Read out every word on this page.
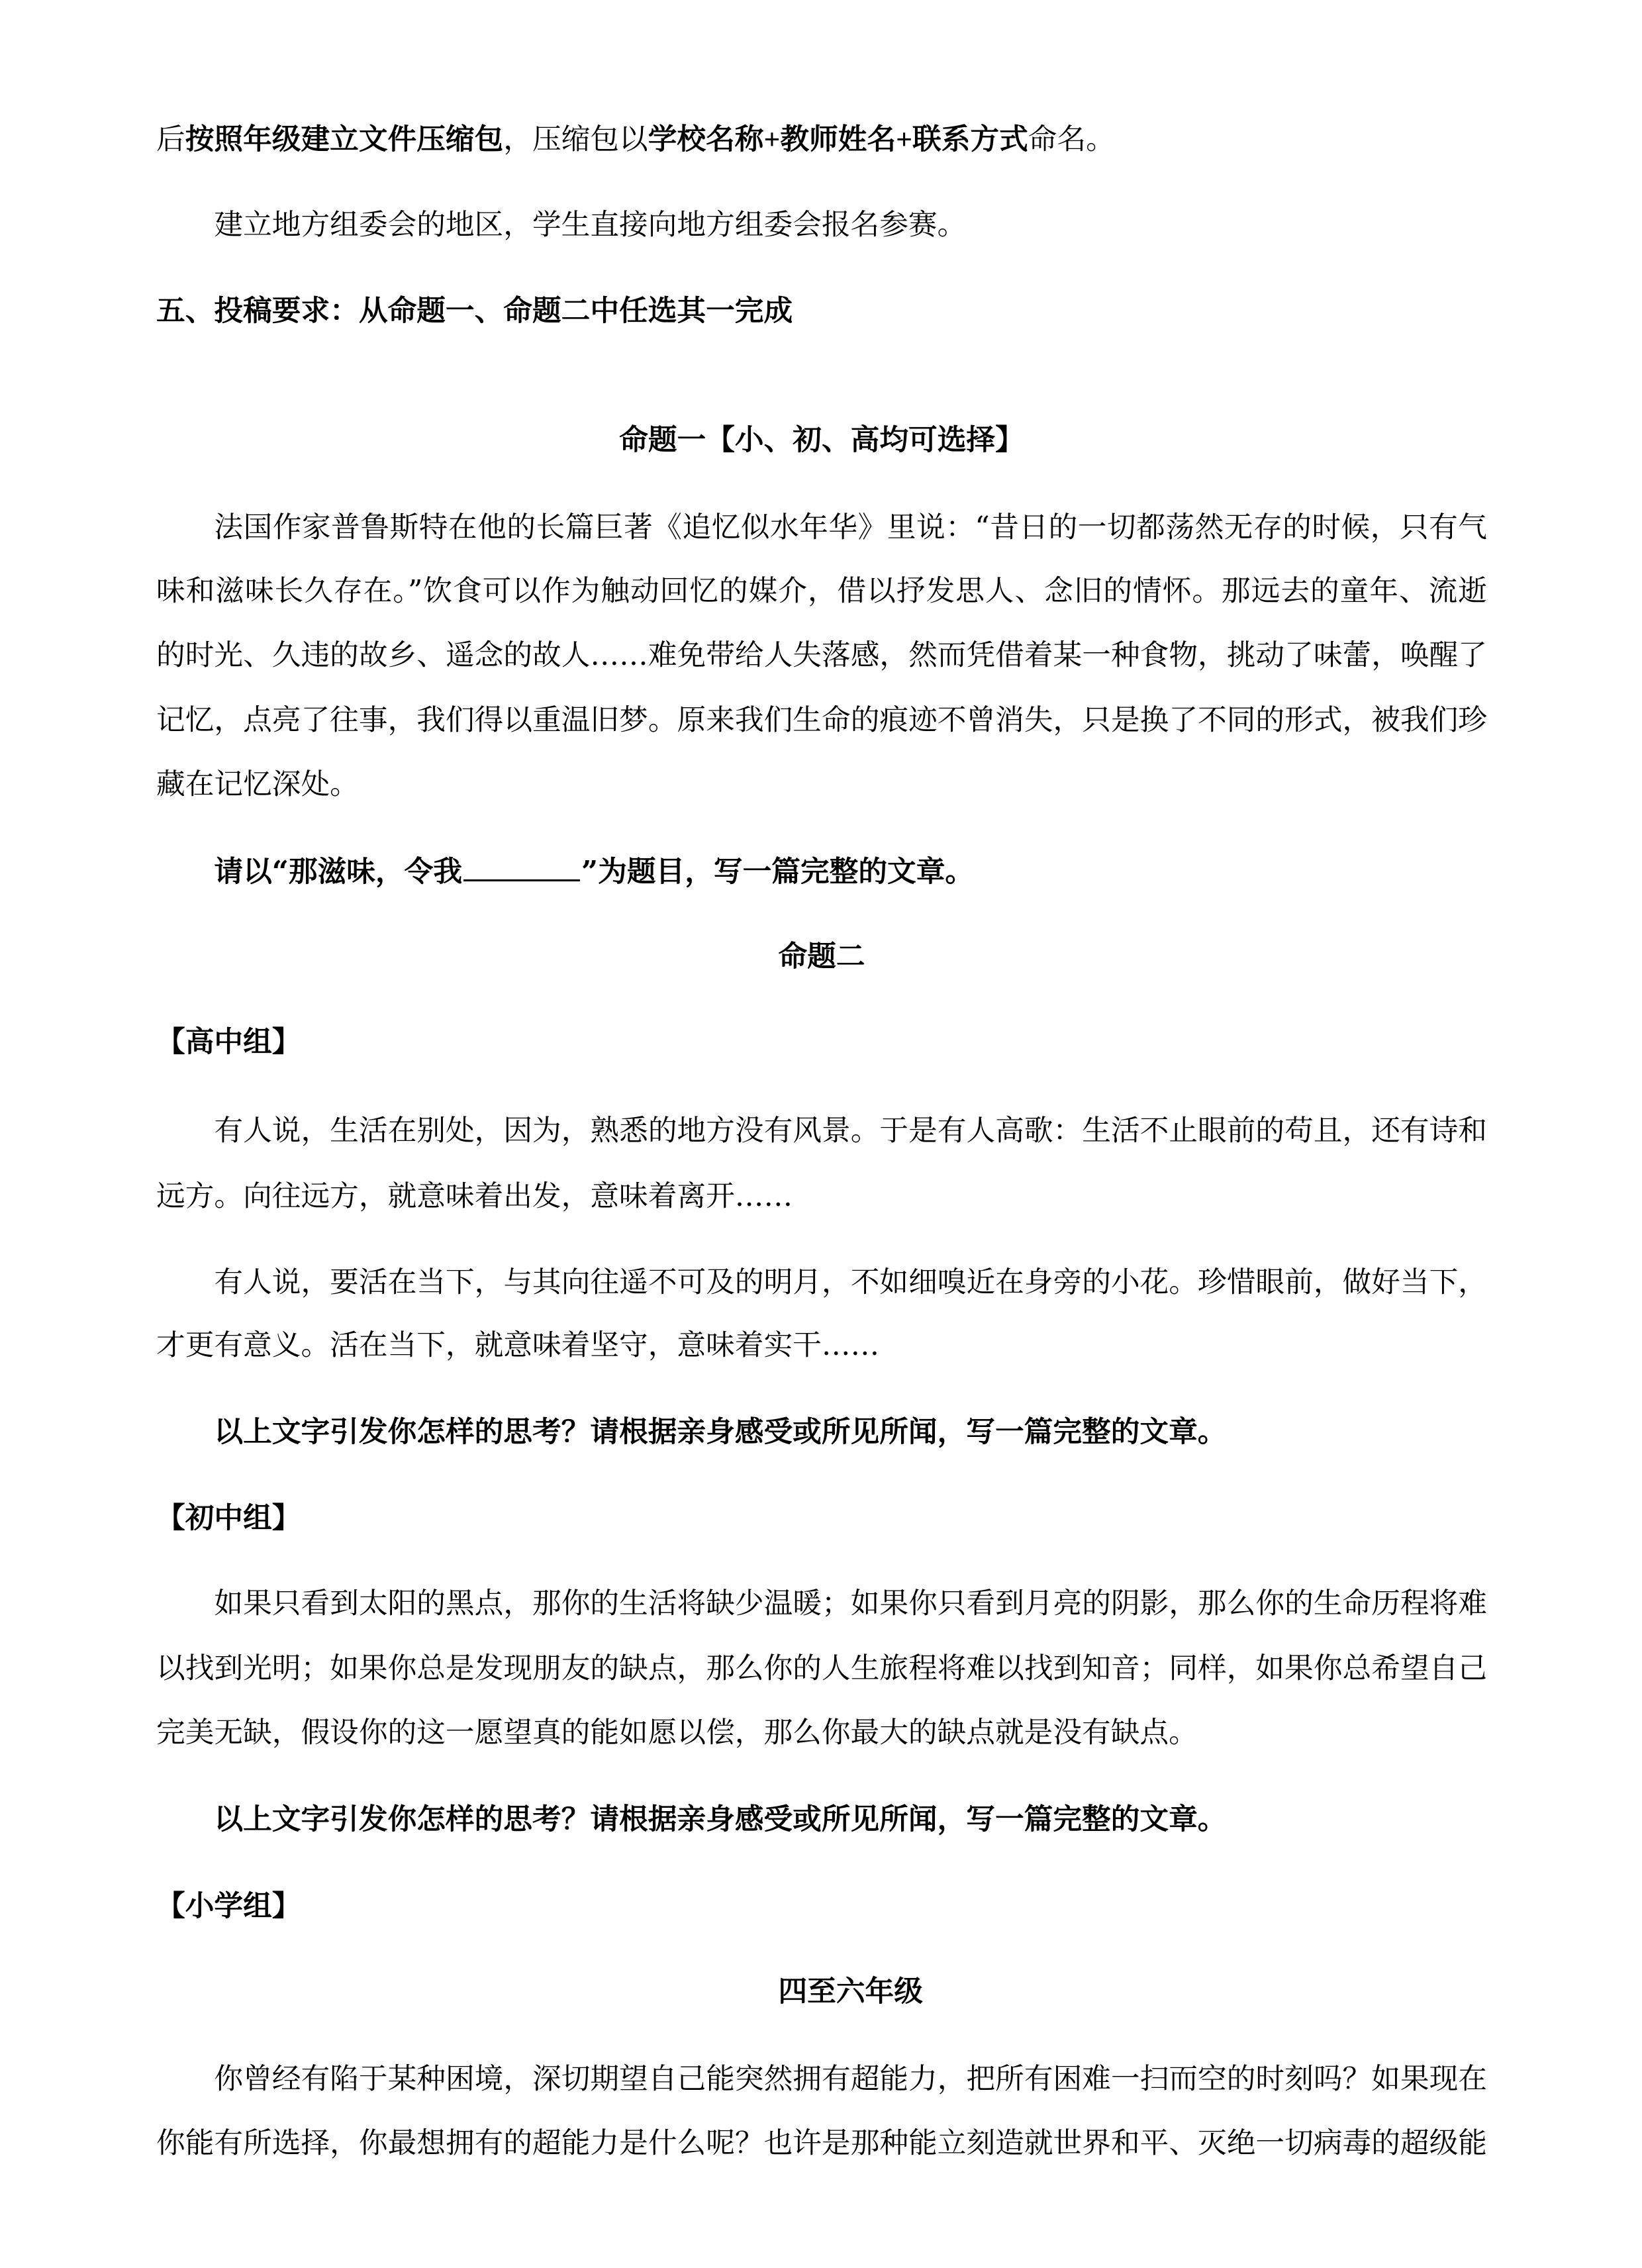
后按照年级建立文件压缩包，压缩包以学校名称+教师姓名+联系方式命名。
建立地方组委会的地区，学生直接向地方组委会报名参赛。
五、投稿要求：从命题一、命题二中任选其一完成
命题一【小、初、高均可选择】
法国作家普鲁斯特在他的长篇巨著《追忆似水年华》里说：“昔日的一切都荡然无存的时候，只有气
味和滋味长久存在。”饮食可以作为触动回忆的媒介，借以抒发思人、念旧的情怀。那远去的童年、流逝
的时光、久违的故乡、遥念的故人……难免带给人失落感，然而凭借着某一种食物，挑动了味蕾，唤醒了
记忆，点亮了往事，我们得以重温旧梦。原来我们生命的痕迹不曾消失，只是换了不同的形式，被我们珍
藏在记忆深处。
请以“那滋味，令我	”为题目，写一篇完整的文章。
命题二
【高中组】
有人说，生活在别处，因为，熟悉的地方没有风景。于是有人高歌：生活不止眼前的苟且，还有诗和
远方。向往远方，就意味着出发，意味着离开……
有人说，要活在当下，与其向往遥不可及的明月，不如细嗅近在身旁的小花。珍惜眼前，做好当下，
才更有意义。活在当下，就意味着坚守，意味着实干……
以上文字引发你怎样的思考？请根据亲身感受或所见所闻，写一篇完整的文章。
【初中组】
如果只看到太阳的黑点，那你的生活将缺少温暖；如果你只看到月亮的阴影，那么你的生命历程将难
以找到光明；如果你总是发现朋友的缺点，那么你的人生旅程将难以找到知音；同样，如果你总希望自己
完美无缺，假设你的这一愿望真的能如愿以偿，那么你最大的缺点就是没有缺点。
以上文字引发你怎样的思考？请根据亲身感受或所见所闻，写一篇完整的文章。
【小学组】
四至六年级
你曾经有陷于某种困境，深切期望自己能突然拥有超能力，把所有困难一扫而空的时刻吗？如果现在
你能有所选择，你最想拥有的超能力是什么呢？也许是那种能立刻造就世界和平、灭绝一切病毒的超级能
